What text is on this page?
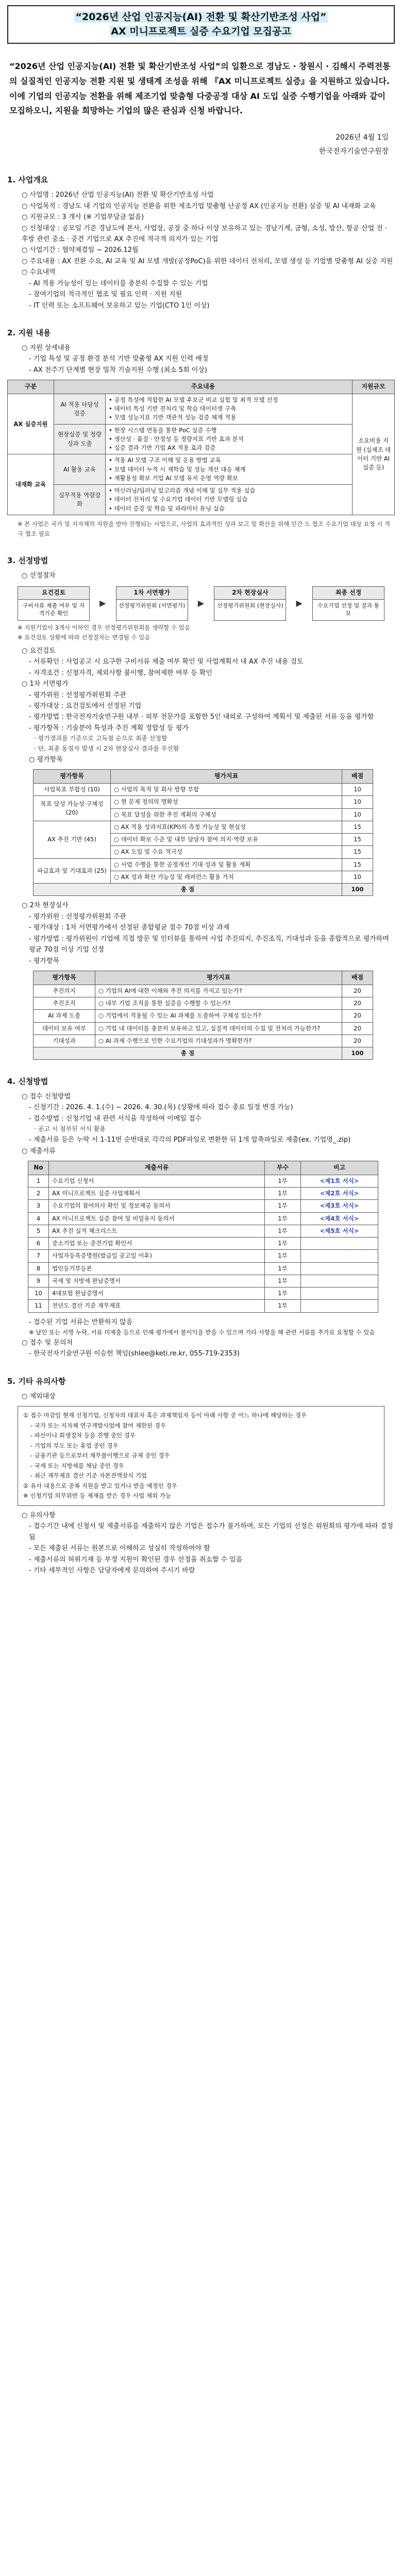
“2026년 산업 인공지능(AI) 전환 및 확산기반조성 사업”
AX 미니프로젝트 실증 수요기업 모집공고
“2026년 산업 인공지능(AI) 전환 및 확산기반조성 사업”의 일환으로 경남도 · 창원시 · 김해시 주력전통의 실질적인 인공지능 전환 지원 및 생태계 조성을 위해 『AX 미니프로젝트 실증』을 지원하고 있습니다. 이에 기업의 인공지능 전환을 위해 제조기업 맞춤형 다중공정 대상 AI 도입 실증 수행기업을 아래와 같이 모집하오니, 지원을 희망하는 기업의 많은 관심과 신청 바랍니다.
2026년 4월 1일
한국전자기술연구원장
1. 사업개요
○ 사업명 : 2026년 산업 인공지능(AI) 전환 및 확산기반조성 사업
○ 사업목적 : 경남도 내 기업의 인공지능 전환을 위한 제조기업 맞춤형 난공정 AX (인공지능 전환) 실증 및 AI 내재화 교육
○ 지원규모 : 3 개사 (※ 기업부담금 없음)
○ 신청대상 : 공모일 기준 경남도에 본사, 사업장, 공장 중 하나 이상 보유하고 있는 경남기계, 금형, 소성, 방산, 항공 산업 전 · 후방 관련 중소 · 중견 기업으로 AX 추진에 적극적 의지가 있는 기업
○ 사업기간 : 협약체결일 ~ 2026.12월
○ 주요내용 : AX 전환 수요, AI 교육 및 AI 모델 개발(공정PoC)을 위한 데이터 전처리, 모델 생성 등 기업별 맞춤형 AI 실증 지원
○ 수요내역
- AI 적용 가능성이 있는 데이터를 충분히 수집할 수 있는 기업
- 참여기업의 적극적인 협조 및 필요 인력 · 지원 지원
- IT 인력 또는 소프트웨어 보유하고 있는 기업(CTO 1인 이상)
2. 지원 내용
○ 지원 상세내용
- 기업 특성 및 공정 환경 분석 기반 맞춤형 AX 지원 인력 배정
- AX 전주기 단계별 현장 밀착 기술지원 수행 (최소 5회 이상)
구분	주요내용		지원규모
AX 실증지원	AI 적용 타당성 검증	• 공정 특성에 적합한 AI 모델 후보군 비교 실험 및 최적 모델 선정
• 데이터 특성 기반 전처리 및 학습 데이터셋 구축
• 모델 성능지표 기반 객관적 성능 검증 체계 적용	소요비용 지원 (실제조 데이터 기반 AI 실증 등)
	현장실증 및 정량성과 도출	• 현장 시스템 연동을 통한 PoC 실증 수행
• 생산성 · 품질 · 안정성 등 정량지표 기반 효과 분석
• 실증 결과 기반 기업 AX 적용 효과 검증	

내재화 교육	AI 활용 교육	• 적용 AI 모델 구조 이해 및 운용 방법 교육
• 모델 데이터 누적 시 재학습 및 성능 개선 대응 체계
• 재활용성 확보 기업 AI 모델 유지 운영 역량 확보	

	실무적용 역량강화	• 머신러닝/딥러닝 알고리즘 개념 이해 및 실무 적용 실습
• 데이터 전처리 및 수요기업 데이터 기반 모델링 실습
• 데이터 증강 및 학습 및 파라미터 튜닝 실습	
※ 본 사업은 국가 및 지자체의 지원을 받아 진행되는 사업으로, 사업의 효과적인 성과 보고 및 확산을 위해 민간 도 협조 수요기업 대상 요청 시 적극 협조 필요
3. 선정방법
○ 선정절차
요건검토
구비서류 제출 여부 및 자격기준 확인
▶
1차 서면평가
선정평가위원회 (서면평가) ▶
2차 현장실사
선정평가위원회 (현장실사) ▶
최종 선정
수요기업 선정 및 결과 통보
※ 지원기업이 3개사 이하인 경우 선정평가위원회를 생략할 수 있음
※ 요건검토 상황에 따라 선정절차는 변경될 수 있음
○ 요건검토
- 서류확인 : 사업공고 시 요구한 구비서류 제출 여부 확인 및 사업계획서 내 AX 추진 내용 검토
- 자격조건 : 신청자격, 제외사항 불이행, 참여제한 여부 등 확인
○ 1차 서면평가
- 평가위원 : 선정평가위원회 주관
- 평가대상 : 요건검토에서 선정된 기업
- 평가방법 : 한국전자기술연구원 내부 · 외부 전문가를 포함한 5인 내외로 구성하여 계획서 및 제출된 서류 등을 평가함
- 평가항목 : 기술분야 특성과 추진 계획 정합성 등 평가
· 평가결과를 기준으로 고득점 순으로 최종 선정함
· 단, 최종 동점자 발생 시 2차 현장실사 결과를 우선함
○ 평가항목
평가항목	평가지표	배점
사업목표 부합성 (10)	○ 사업의 목적 및 회사 방향 부합	10
목표 달성 가능성·구체성 (20)	○ 현 문제 정의의 명확성	10
	○ 목표 달성을 위한 추진 계획의 구체성	10
AX 추진 기반 (45)	○ AX 적용 성과지표(KPI)의 측정 가능성 및 현실성	15
	○ 데이터 확보 수준 및 내부 담당자 참여 의지·역량 보유	15
	○ AX 도입 및 수요 적극성	15
파급효과 및 기대효과 (25)	○ 사업 수행을 통한 공정개선 기대 성과 및 활용 계획	15
	○ AX 성과 확산 가능성 및 레퍼런스 활용 가치	10
총 점		100
○ 2차 현장실사
- 평가위원 : 선정평가위원회 주관
- 평가대상 : 1차 서면평가에서 선정된 종합평균 점수 70점 이상 과제
- 평가방법 : 평가위원이 기업에 직접 방문 및 인터뷰를 통하여 사업 추진의지, 추진조직, 기대성과 등을 종합적으로 평가하며 평균 70점 이상 기업 선정
- 평가항목
평가항목	평가지표	배점
추진의지	○ 기업의 AI에 대한 이해와 추진 의지를 가지고 있는가?	20
추진조직	○ 내부 기업 조직을 통한 실증을 수행할 수 있는가?	20
AI 과제 도출	○ 기업에서 적용될 수 있는 AI 과제를 도출하여 구체성 있는가?	20
데이터 보유 여부	○ 기업 내 데이터를 충분히 보유하고 있고, 실질적 데이터의 수집 및 전처리 가능한가?	20
기대성과	○ AI 과제 수행으로 인한 수요기업의 기대성과가 명확한가?	20
총 점		100
4. 신청방법
○ 접수 신청방법
- 신청기간 : 2026. 4. 1.(수) ~ 2026. 4. 30.(목) (상황에 따라 접수 종료 일정 변경 가능)
- 접수방법 : 신청기업 내 관련 서식을 작성하여 이메일 접수
· 공고 시 첨부된 서식 활용
- 제출서류 등은 누락 시 1-11번 순번대로 각각의 PDF파일로 변환한 뒤 1개 압축파일로 제출(ex. 기업명_.zip)
○ 제출서류
No	제출서류	부수	비고
1	수요기업 신청서	1부	<제1호 서식>
2	AX 미니프로젝트 실증 사업계획서	1부	<제2호 서식>
3	수요기업의 참여의사 확인 및 정보제공 동의서	1부	<제3호 서식>
4	AX 미니프로젝트 실증 참여 및 비밀유지 동의서	1부	<제4호 서식>
5	AX 추진 실적 체크리스트	1부	<제5호 서식>
6	중소기업 또는 중견기업 확인서	1부	
7	사업자등록증명원(발급일 공고일 이후)	1부	
8	법인등기부등본	1부	
9	국세 및 지방세 완납증명서	1부	
10	4대보험 완납증명서	1부	
11	전년도 결산 기준 재무제표	1부	
- 접수된 기업 서류는 반환하지 않음
※ 날인 또는 서명 누락, 서류 미제출 등으로 인해 평가에서 불이익을 받을 수 있으며 기타 사항을 해 관련 서류를 추가로 요청할 수 있음
○ 접수 및 문의처
- 한국전자기술연구원 이승헌 책임(shlee@keti.re.kr, 055-719-2353)
5. 기타 유의사항
○ 제외대상
① 접수 마감일 현재 신청기업, 신청자의 대표자 혹은 과제책임자 등이 아래 사항 중 어느 하나에 해당하는 경우
- 국가 또는 지자체 연구개발사업에 참여 제한된 경우
- 파산이나 회생절차 등을 진행 중인 경우
- 기업의 부도 또는 휴업 중인 경우
- 금융기관 등으로부터 채무불이행으로 규제 중인 경우
- 국세 또는 지방세를 체납 중인 경우
- 최근 재무제표 결산 기준 자본전액잠식 기업
② 유사 내용으로 중복 지원을 받고 있거나 받을 예정인 경우
※ 신청기업 의무위반 등 제재를 받은 경우 사업 제외 가능
○ 유의사항
- 접수기간 내에 신청서 및 제출서류를 제출하지 않은 기업은 접수가 불가하며, 모든 기업의 선정은 위원회의 평가에 따라 결정됨
- 모든 제출된 서류는 원본으로 이해하고 성실히 작성하여야 함
- 제출서류의 허위기재 등 부정 지원이 확인된 경우 선정을 취소할 수 있음
- 기타 세부적인 사항은 담당자에게 문의하여 주시기 바람
